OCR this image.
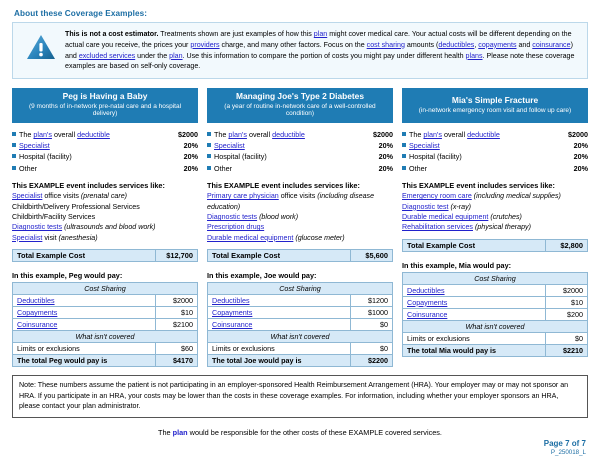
About these Coverage Examples:
This is not a cost estimator. Treatments shown are just examples of how this plan might cover medical care. Your actual costs will be different depending on the actual care you receive, the prices your providers charge, and many other factors. Focus on the cost sharing amounts (deductibles, copayments and coinsurance) and excluded services under the plan. Use this information to compare the portion of costs you might pay under different health plans. Please note these coverage examples are based on self-only coverage.
Peg is Having a Baby
(9 months of in-network pre-natal care and a hospital delivery)
The plan's overall deductible	$2000
Specialist	20%
Hospital (facility)	20%
Other	20%
This EXAMPLE event includes services like:
Specialist office visits (prenatal care)
Childbirth/Delivery Professional Services
Childbirth/Facility Services
Diagnostic tests (ultrasounds and blood work)
Specialist visit (anesthesia)
Total Example Cost	$12,700
In this example, Peg would pay:
Cost Sharing	
Deductibles	$2000
Copayments	$10
Coinsurance	$2100
What isn't covered	
Limits or exclusions	$60
The total Peg would pay is	$4170
Managing Joe's Type 2 Diabetes
(a year of routine in-network care of a well-controlled condition)
The plan's overall deductible	$2000
Specialist	20%
Hospital (facility)	20%
Other	20%
This EXAMPLE event includes services like:
Primary care physician office visits (including disease education)
Diagnostic tests (blood work)
Prescription drugs
Durable medical equipment (glucose meter)
Total Example Cost	$5,600
In this example, Joe would pay:
Cost Sharing	
Deductibles	$1200
Copayments	$1000
Coinsurance	$0
What isn't covered	
Limits or exclusions	$0
The total Joe would pay is	$2200
Mia's Simple Fracture
(in-network emergency room visit and follow up care)
The plan's overall deductible	$2000
Specialist	20%
Hospital (facility)	20%
Other	20%
This EXAMPLE event includes services like:
Emergency room care (including medical supplies)
Diagnostic test (x-ray)
Durable medical equipment (crutches)
Rehabilitation services (physical therapy)
Total Example Cost	$2,800
In this example, Mia would pay:
Cost Sharing	
Deductibles	$2000
Copayments	$10
Coinsurance	$200
What isn't covered	
Limits or exclusions	$0
The total Mia would pay is	$2210
Note: These numbers assume the patient is not participating in an employer-sponsored Health Reimbursement Arrangement (HRA). Your employer may or may not sponsor an HRA. If you participate in an HRA, your costs may be lower than the costs in these coverage examples. For information, including whether your employer sponsors an HRA, please contact your plan administrator.
The plan would be responsible for the other costs of these EXAMPLE covered services.
Page 7 of 7
P_250018_L
